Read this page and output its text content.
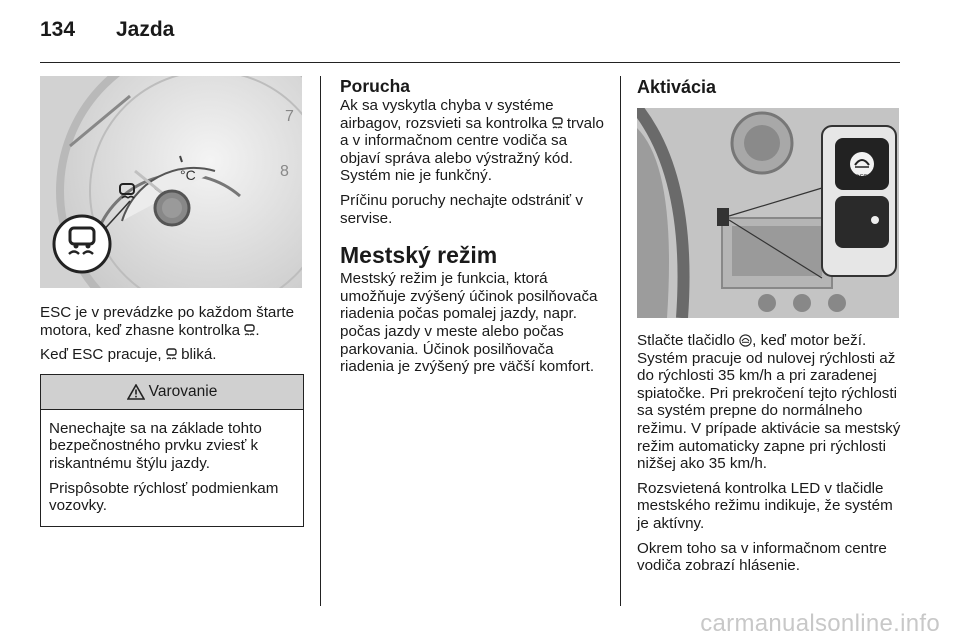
134 Jazda
8
7
°C

ESC je v prevádzke po každom štarte motora, keď zhasne kontrolka .

Keď ESC pracuje,  bliká.

Varovanie

Nenechajte sa na základe tohto bezpečnostného prvku zviesť k riskantnému štýlu jazdy.

Prispôsobte rýchlosť podmienkam vozovky.

Porucha

Ak sa vyskytla chyba v systéme airbagov, rozsvieti sa kontrolka  trvalo a v informačnom centre vodiča sa objaví správa alebo výstražný kód. Systém nie je funkčný.

Príčinu poruchy nechajte odstrániť v servise.

Mestský režim

Mestský režim je funkcia, ktorá umožňuje zvýšený účinok posilňovača riadenia počas pomalej jazdy, napr. počas jazdy v meste alebo počas parkovania. Účinok posilňovača riadenia je zvýšený pre väčší komfort.

Aktivácia
OFF

Stlačte tlačidlo , keď motor beží. Systém pracuje od nulovej rýchlosti až do rýchlosti 35 km/h a pri zaradenej spiatočke. Pri prekročení tejto rýchlosti sa systém prepne do normálneho režimu. V prípade aktivácie sa mestský režim automaticky zapne pri rýchlosti nižšej ako 35 km/h.

Rozsvietená kontrolka LED v tlačidle mestského režimu indikuje, že systém je aktívny.

Okrem toho sa v informačnom centre vodiča zobrazí hlásenie.

carmanualsonline.info
